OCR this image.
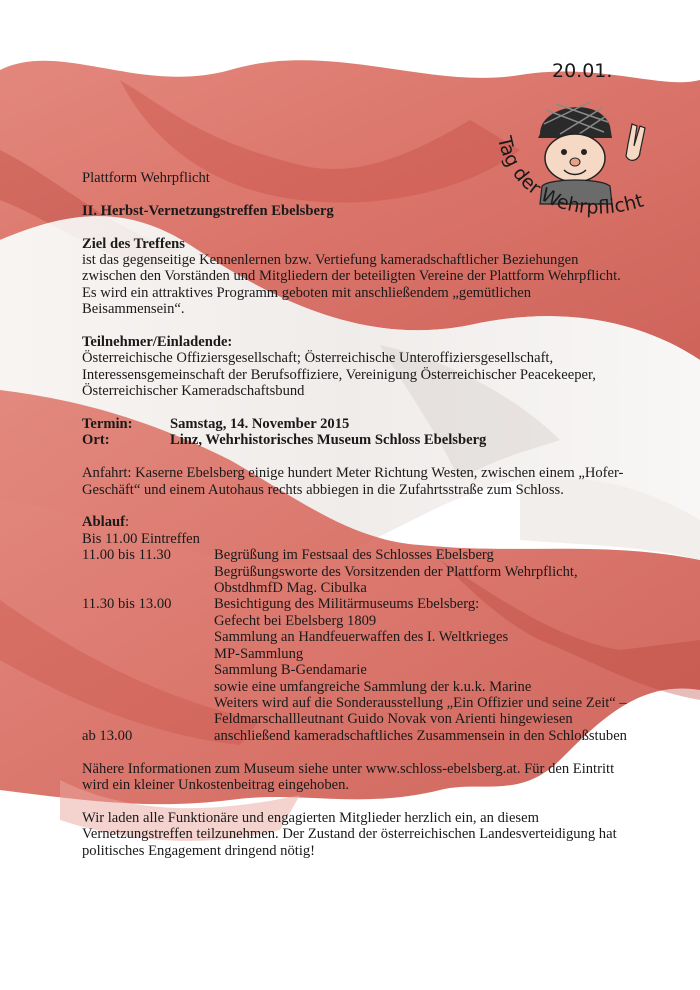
20.01.
Tag der Wehrpflicht

Plattform Wehrpflicht

II. Herbst-Vernetzungstreffen Ebelsberg

Ziel des Treffens

ist das gegenseitige Kennenlernen bzw. Vertiefung kameradschaftlicher Beziehungen

zwischen den Vorständen und Mitgliedern der beteiligten Vereine der Plattform Wehrpflicht.

Es wird ein attraktives Programm geboten mit anschließendem „gemütlichen

Beisammensein“.

Teilnehmer/Einladende:

Österreichische Offiziersgesellschaft; Österreichische Unteroffiziersgesellschaft,

Interessensgemeinschaft der Berufsoffiziere, Vereinigung Österreichischer Peacekeeper,

Österreichischer Kameradschaftsbund

Termin:	Samstag, 14. November 2015
Ort:	Linz, Wehrhistorisches Museum Schloss Ebelsberg

Anfahrt: Kaserne Ebelsberg einige hundert Meter Richtung Westen, zwischen einem „Hofer-

Geschäft“ und einem Autohaus rechts abbiegen in die Zufahrtsstraße zum Schloss.

Ablauf:

Bis 11.00 Eintreffen

11.00 bis 11.30	Begrüßung im Festsaal des Schlosses Ebelsberg
Begrüßungsworte des Vorsitzenden der Plattform Wehrpflicht,
ObstdhmfD Mag. Cibulka
11.30 bis 13.00	Besichtigung des Militärmuseums Ebelsberg:
Gefecht bei Ebelsberg 1809
Sammlung an Handfeuerwaffen des I. Weltkrieges
MP-Sammlung
Sammlung B-Gendamarie
sowie eine umfangreiche Sammlung der k.u.k. Marine
Weiters wird auf die Sonderausstellung „Ein Offizier und seine Zeit“ –
Feldmarschallleutnant Guido Novak von Arienti hingewiesen
ab 13.00	anschließend kameradschaftliches Zusammensein in den Schloßstuben

Nähere Informationen zum Museum siehe unter www.schloss-ebelsberg.at. Für den Eintritt

wird ein kleiner Unkostenbeitrag eingehoben.

Wir laden alle Funktionäre und engagierten Mitglieder herzlich ein, an diesem

Vernetzungstreffen teilzunehmen. Der Zustand der österreichischen Landesverteidigung hat

politisches Engagement dringend nötig!
